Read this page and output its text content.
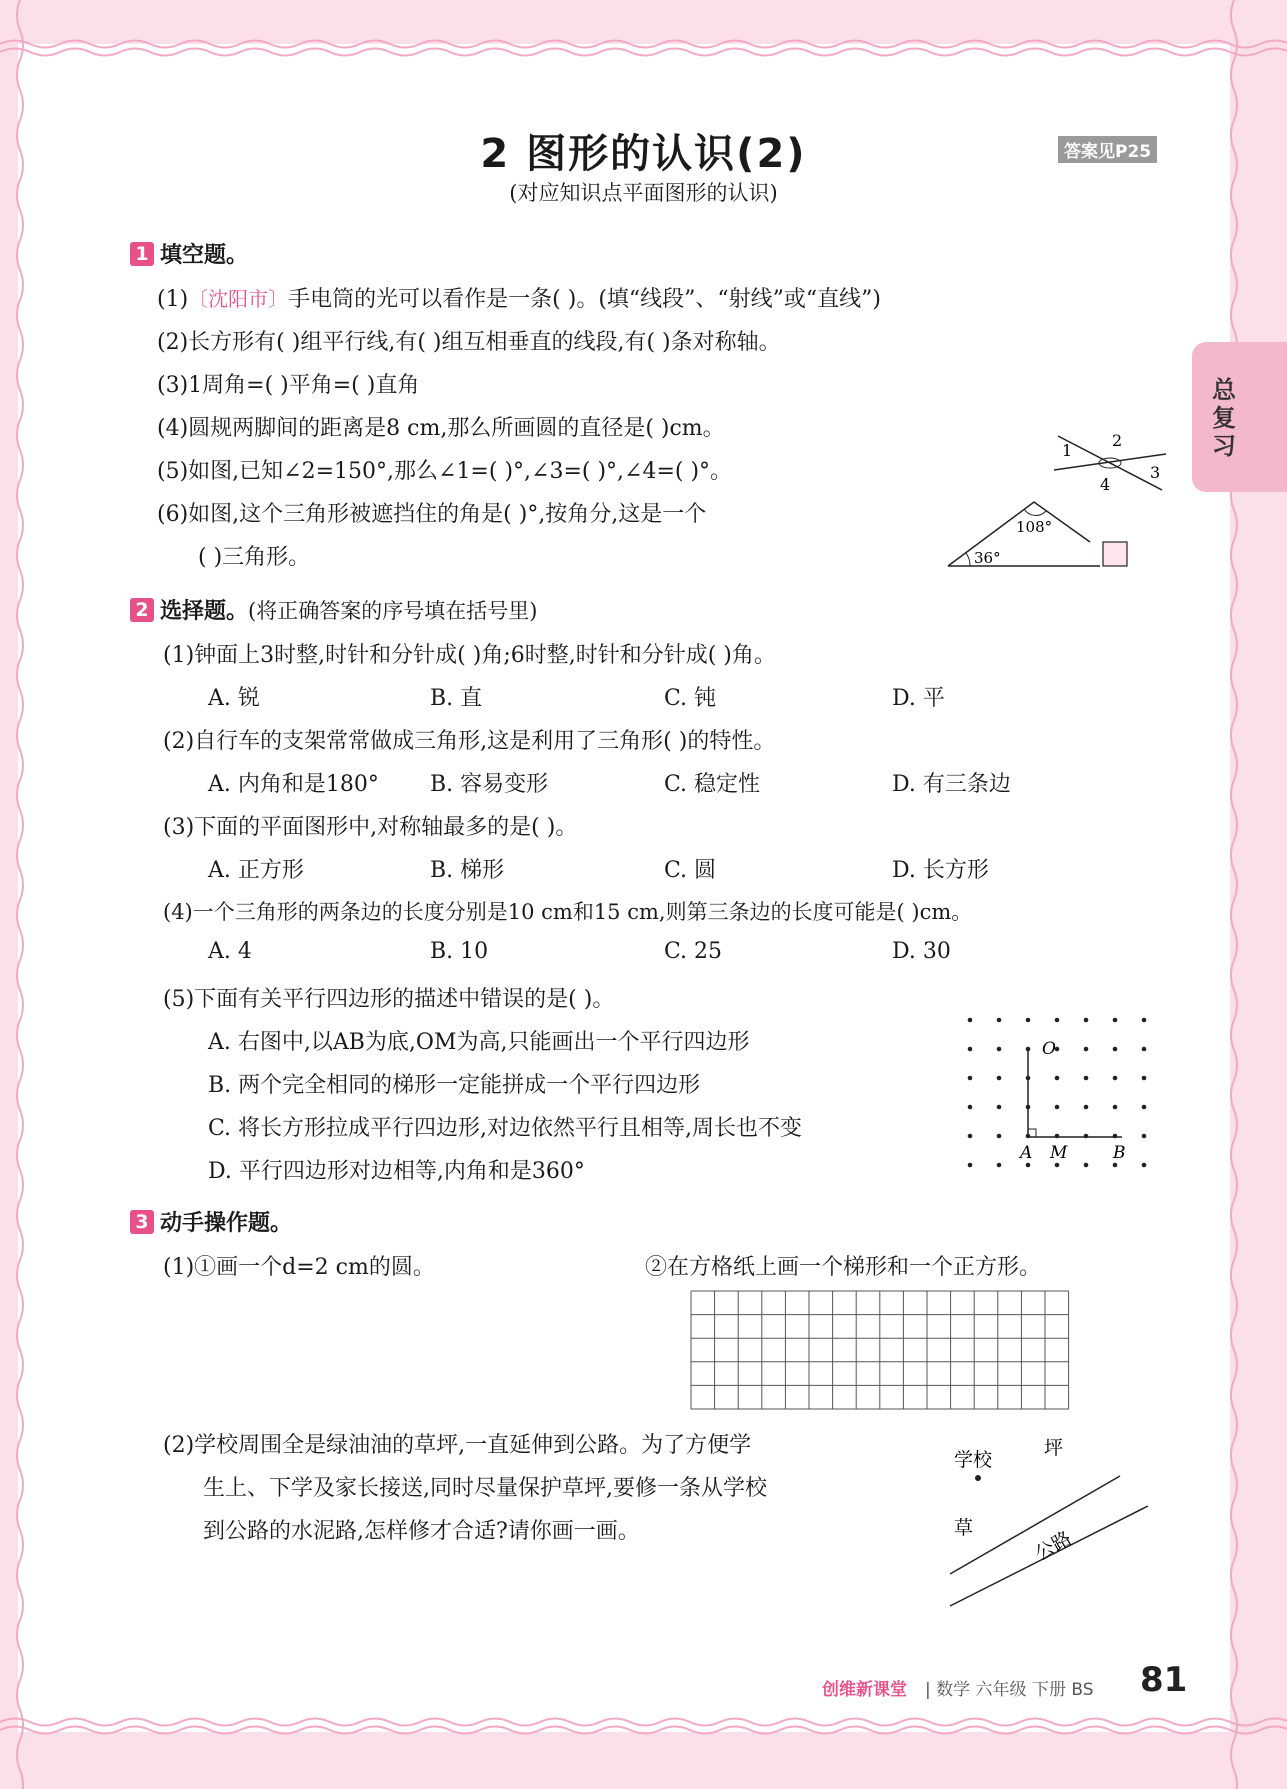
2 图形的认识(2)
(对应知识点平面图形的认识)
答案见P25
总复习
1 填空题。
(1)〔沈阳市〕手电筒的光可以看作是一条( )。(填“线段”、“射线”或“直线”)
(2)长方形有( )组平行线,有( )组互相垂直的线段,有( )条对称轴。
(3)1周角=( )平角=( )直角
(4)圆规两脚间的距离是8 cm,那么所画圆的直径是( )cm。
(5)如图,已知∠2=150°,那么∠1=( )°,∠3=( )°,∠4=( )°。
(6)如图,这个三角形被遮挡住的角是( )°,按角分,这是一个
( )三角形。
1
2
3
4
108°
36°
2 选择题。(将正确答案的序号填在括号里)
(1)钟面上3时整,时针和分针成( )角;6时整,时针和分针成( )角。
A. 锐	B. 直	C. 钝	D. 平
(2)自行车的支架常常做成三角形,这是利用了三角形( )的特性。
A. 内角和是180° B. 容易变形	C. 稳定性	D. 有三条边
(3)下面的平面图形中,对称轴最多的是( )。
A. 正方形	B. 梯形	C. 圆	D. 长方形
(4)一个三角形的两条边的长度分别是10 cm和15 cm,则第三条边的长度可能是( )cm。
A. 4	B. 10	C. 25	D. 30
(5)下面有关平行四边形的描述中错误的是( )。
A. 右图中,以AB为底,OM为高,只能画出一个平行四边形
B. 两个完全相同的梯形一定能拼成一个平行四边形
C. 将长方形拉成平行四边形,对边依然平行且相等,周长也不变
D. 平行四边形对边相等,内角和是360°
O
A M	B
3 动手操作题。
(1)①画一个d=2 cm的圆。	②在方格纸上画一个梯形和一个正方形。
(2)学校周围全是绿油油的草坪,一直延伸到公路。为了方便学
生上、下学及家长接送,同时尽量保护草坪,要修一条从学校
到公路的水泥路,怎样修才合适?请你画一画。
学校
坪
草	公路
创维新课堂 | 数学 六年级 下册 BS 81
